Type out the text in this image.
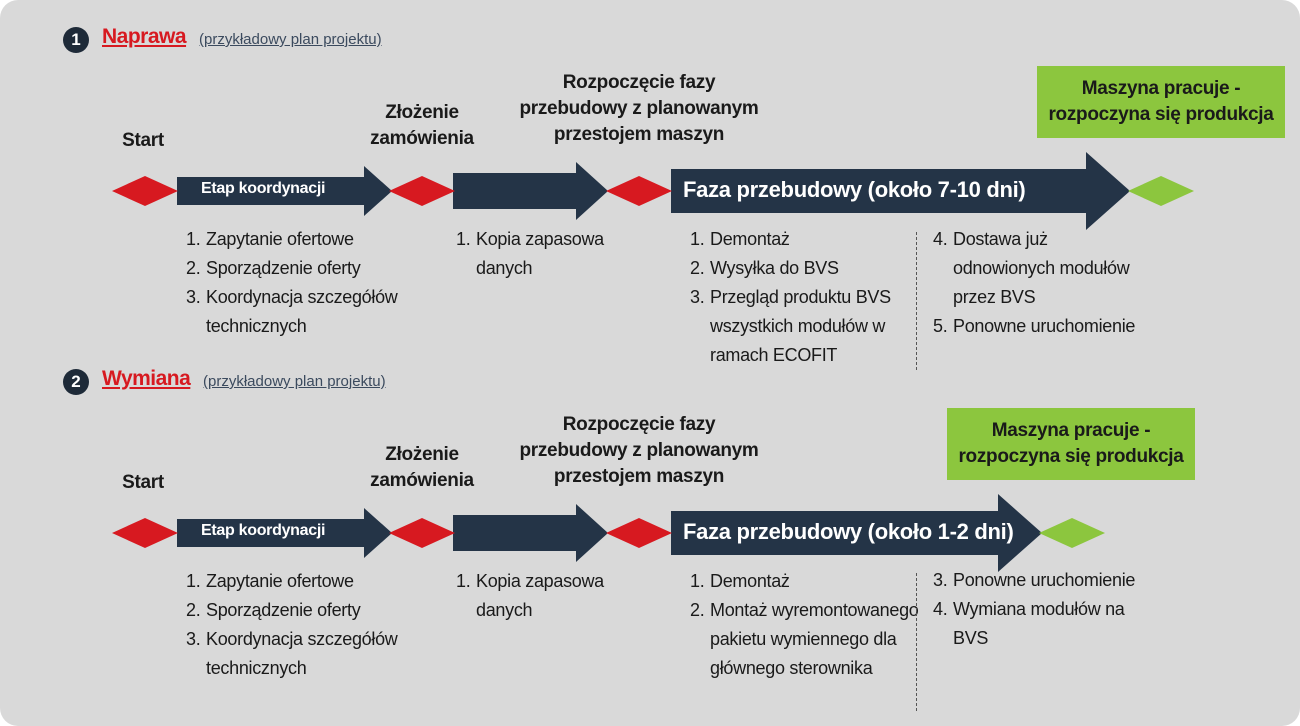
1	Naprawa (przykładowy plan projektu)
Start
Złożenie zamówienia
Rozpoczęcie fazy przebudowy z planowanym przestojem maszyn
Etap koordynacji	Faza przebudowy (około 7-10 dni)
Maszyna pracuje - rozpoczyna się produkcja
1. Zapytanie ofertowe
2. Sporządzenie oferty
3. Koordynacja szczegółów technicznych
1. Kopia zapasowa danych
1. Demontaż
2. Wysyłka do BVS
3. Przegląd produktu BVS wszystkich modułów w ramach ECOFIT
4. Dostawa już odnowionych modułów przez BVS
5. Ponowne uruchomienie
2	Wymiana (przykładowy plan projektu)
Start
Złożenie zamówienia
Rozpoczęcie fazy przebudowy z planowanym przestojem maszyn
Etap koordynacji	Faza przebudowy (około 1-2 dni)
Maszyna pracuje - rozpoczyna się produkcja
1. Zapytanie ofertowe
2. Sporządzenie oferty
3. Koordynacja szczegółów technicznych
1. Kopia zapasowa danych
1. Demontaż
2. Montaż wyremontowanego pakietu wymiennego dla głównego sterownika
3. Ponowne uruchomienie
4. Wymiana modułów na BVS
